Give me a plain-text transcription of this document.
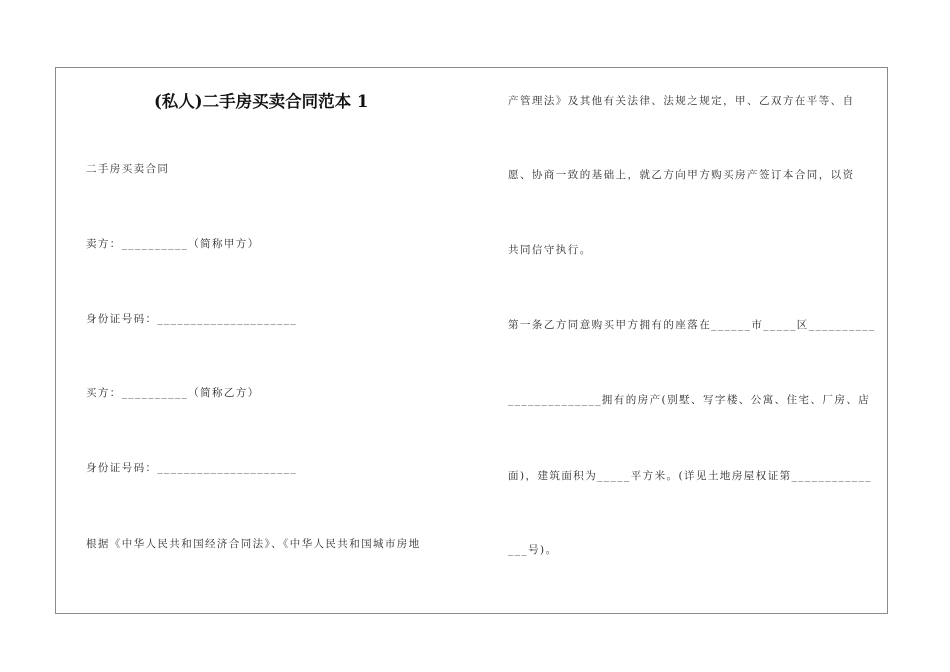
(私人)二手房买卖合同范本 1

二手房买卖合同

卖方：__________（简称甲方）

身份证号码：_____________________

买方：__________（简称乙方）

身份证号码：_____________________

根据《中华人民共和国经济合同法》、《中华人民共和国城市房地

产管理法》及其他有关法律、法规之规定，甲、乙双方在平等、自

愿、协商一致的基础上，就乙方向甲方购买房产签订本合同，以资

共同信守执行。

第一条乙方同意购买甲方拥有的座落在______市_____区__________

______________拥有的房产(别墅、写字楼、公寓、住宅、厂房、店

面)，建筑面积为_____平方米。(详见土地房屋权证第____________

___号)。
